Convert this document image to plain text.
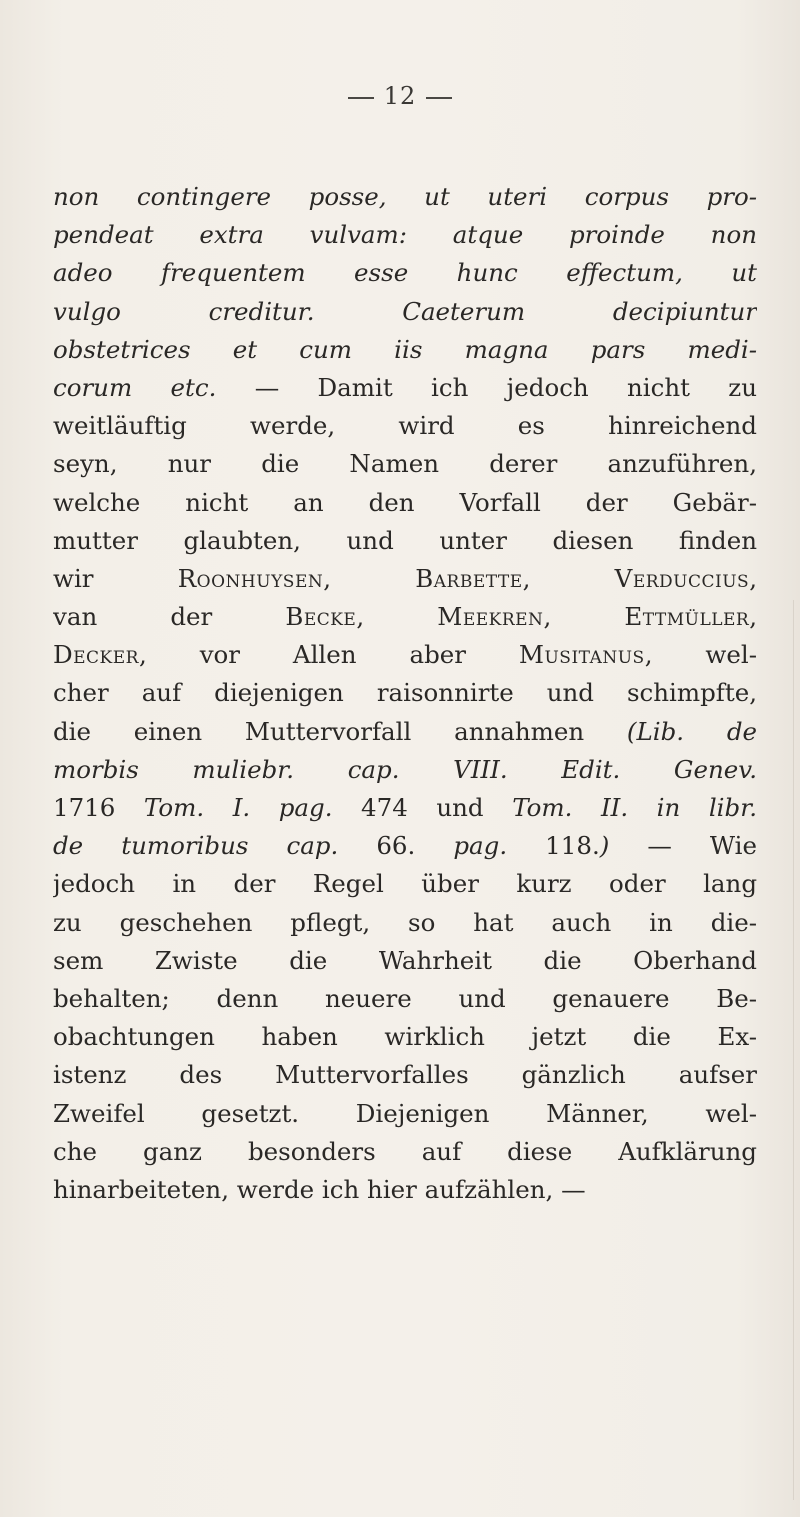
12
non contingere posse, ut uteri corpus pro-
pendeat extra vulvam: atque proinde non
adeo frequentem esse hunc effectum, ut
vulgo creditur. Caeterum decipiuntur
obstetrices et cum iis magna pars medi-
corum etc. — Damit ich jedoch nicht zu
weitläuftig werde, wird es hinreichend
seyn, nur die Namen derer anzuführen,
welche nicht an den Vorfall der Gebär-
mutter glaubten, und unter diesen finden
wir Roonhuysen, Barbette, Verduccius,
van der Becke, Meekren, Ettmüller,
Decker, vor Allen aber Musitanus, wel-
cher auf diejenigen raisonnirte und schimpfte,
die einen Muttervorfall annahmen (Lib. de
morbis muliebr. cap. VIII. Edit. Genev.
1716 Tom. I. pag. 474 und Tom. II. in libr.
de tumoribus cap. 66. pag. 118.) — Wie
jedoch in der Regel über kurz oder lang
zu geschehen pflegt, so hat auch in die-
sem Zwiste die Wahrheit die Oberhand
behalten; denn neuere und genauere Be-
obachtungen haben wirklich jetzt die Ex-
istenz des Muttervorfalles gänzlich aufser
Zweifel gesetzt. Diejenigen Männer, wel-
che ganz besonders auf diese Aufklärung
hinarbeiteten, werde ich hier aufzählen, —
